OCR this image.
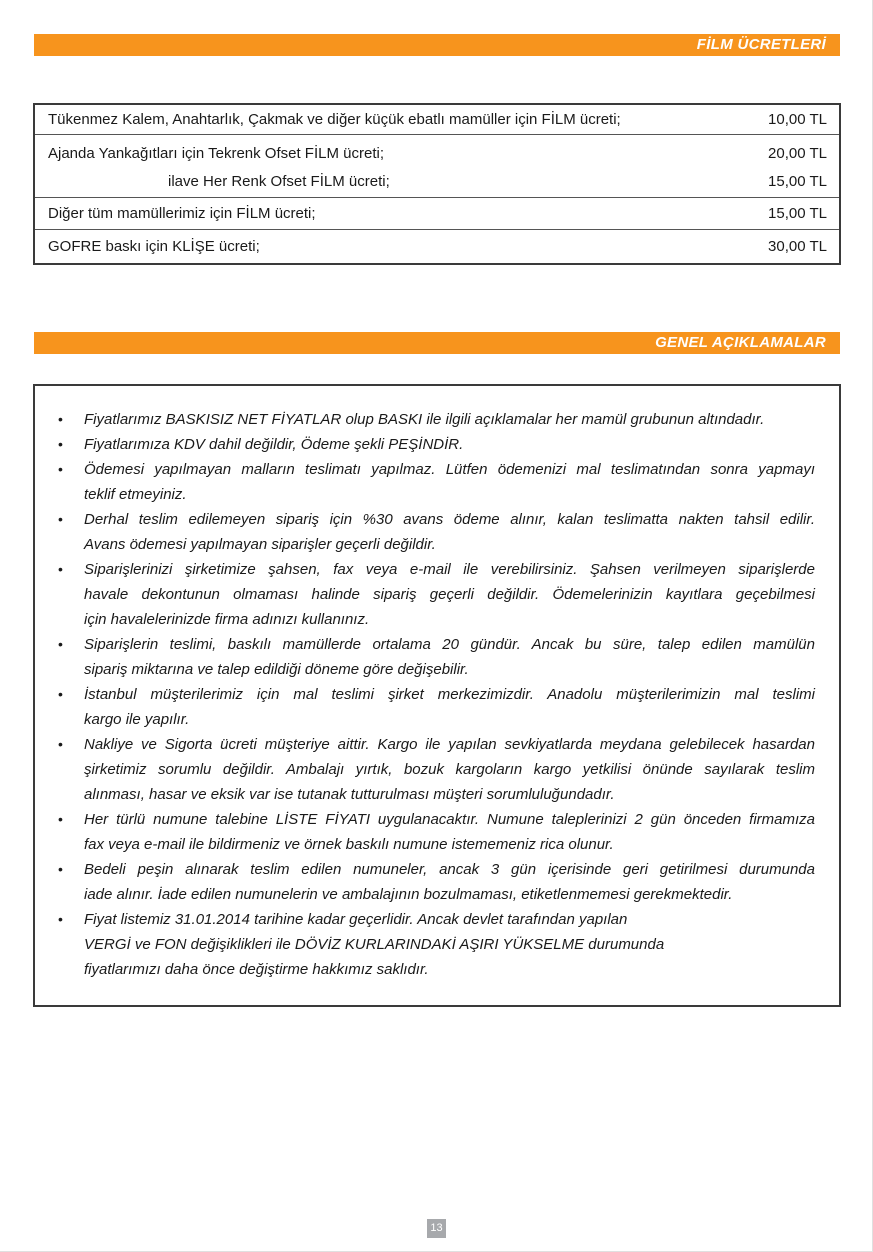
FİLM ÜCRETLERİ
Tükenmez Kalem, Anahtarlık, Çakmak ve diğer küçük ebatlı mamüller için FİLM ücreti;	10,00 TL
Ajanda Yankağıtları için Tekrenk Ofset FİLM ücreti;	20,00 TL
ilave Her Renk Ofset FİLM ücreti;	15,00 TL
Diğer tüm mamüllerimiz için FİLM ücreti;	15,00 TL
GOFRE baskı için KLİŞE ücreti;	30,00 TL
GENEL AÇIKLAMALAR
• Fiyatlarımız BASKISIZ NET FİYATLAR olup BASKI ile ilgili açıklamalar her mamül grubunun altındadır.
• Fiyatlarımıza KDV dahil değildir, Ödeme şekli PEŞİNDİR.
• Ödemesi yapılmayan malların teslimatı yapılmaz. Lütfen ödemenizi mal teslimatından sonra yapmayı
teklif etmeyiniz.
• Derhal teslim edilemeyen sipariş için %30 avans ödeme alınır, kalan teslimatta nakten tahsil edilir.
Avans ödemesi yapılmayan siparişler geçerli değildir.
• Siparişlerinizi şirketimize şahsen, fax veya e-mail ile verebilirsiniz. Şahsen verilmeyen siparişlerde
havale dekontunun olmaması halinde sipariş geçerli değildir. Ödemelerinizin kayıtlara geçebilmesi
için havalelerinizde firma adınızı kullanınız.
• Siparişlerin teslimi, baskılı mamüllerde ortalama 20 gündür. Ancak bu süre, talep edilen mamülün
sipariş miktarına ve talep edildiği döneme göre değişebilir.
• İstanbul müşterilerimiz için mal teslimi şirket merkezimizdir. Anadolu müşterilerimizin mal teslimi
kargo ile yapılır.
• Nakliye ve Sigorta ücreti müşteriye aittir. Kargo ile yapılan sevkiyatlarda meydana gelebilecek hasardan
şirketimiz sorumlu değildir. Ambalajı yırtık, bozuk kargoların kargo yetkilisi önünde sayılarak teslim
alınması, hasar ve eksik var ise tutanak tutturulması müşteri sorumluluğundadır.
• Her türlü numune talebine LİSTE FİYATI uygulanacaktır. Numune taleplerinizi 2 gün önceden firmamıza
fax veya e-mail ile bildirmeniz ve örnek baskılı numune istememeniz rica olunur.
• Bedeli peşin alınarak teslim edilen numuneler, ancak 3 gün içerisinde geri getirilmesi durumunda
iade alınır. İade edilen numunelerin ve ambalajının bozulmaması, etiketlenmemesi gerekmektedir.
• Fiyat listemiz 31.01.2014 tarihine kadar geçerlidir. Ancak devlet tarafından yapılan
VERGİ ve FON değişiklikleri ile DÖVİZ KURLARINDAKİ AŞIRI YÜKSELME durumunda
fiyatlarımızı daha önce değiştirme hakkımız saklıdır.
13
